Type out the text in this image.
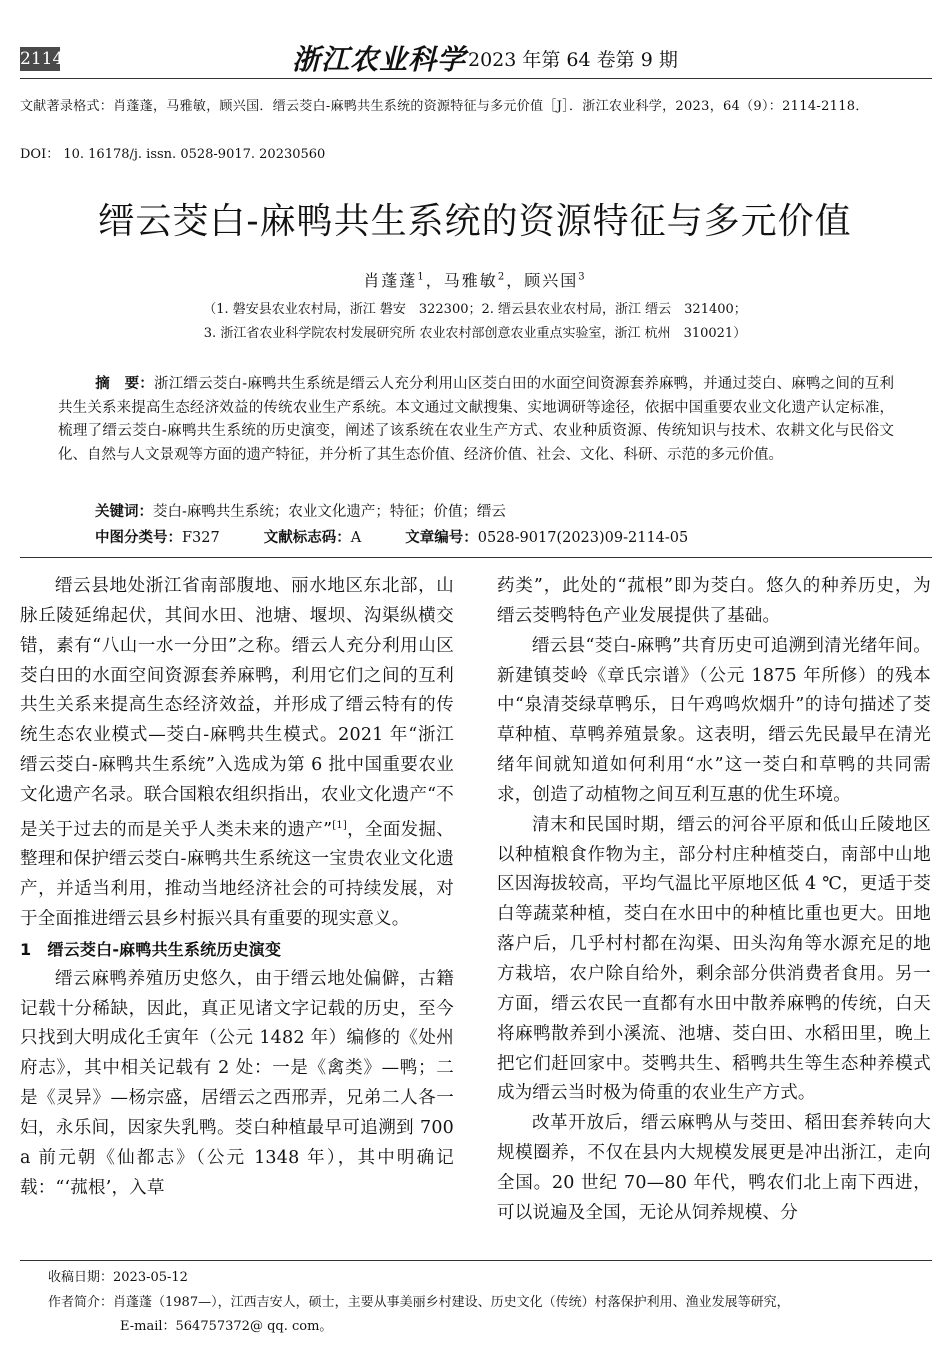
2114	浙江农业科学 2023 年第 64 卷第 9 期
文献著录格式：肖蓬蓬，马雅敏，顾兴国．缙云茭白-麻鸭共生系统的资源特征与多元价值［J］．浙江农业科学，2023，64（9）：2114-2118．
DOI： 10. 16178/j. issn. 0528-9017. 20230560
缙云茭白-麻鸭共生系统的资源特征与多元价值
肖蓬蓬$^1$，马雅敏$^2$，顾兴国$^3$
（1. 磐安县农业农村局，浙江 磐安　322300；2. 缙云县农业农村局，浙江 缙云　321400；
3. 浙江省农业科学院农村发展研究所 农业农村部创意农业重点实验室，浙江 杭州　310021）
摘　要：浙江缙云茭白-麻鸭共生系统是缙云人充分利用山区茭白田的水面空间资源套养麻鸭，并通过茭白、麻鸭之间的互利共生关系来提高生态经济效益的传统农业生产系统。本文通过文献搜集、实地调研等途径，依据中国重要农业文化遗产认定标准，梳理了缙云茭白-麻鸭共生系统的历史演变，阐述了该系统在农业生产方式、农业种质资源、传统知识与技术、农耕文化与民俗文化、自然与人文景观等方面的遗产特征，并分析了其生态价值、经济价值、社会、文化、科研、示范的多元价值。
关键词：茭白-麻鸭共生系统；农业文化遗产；特征；价值；缙云
中图分类号：F327	文献标志码：A	文章编号：0528-9017(2023)09-2114-05

缙云县地处浙江省南部腹地、丽水地区东北部，山脉丘陵延绵起伏，其间水田、池塘、堰坝、沟渠纵横交错，素有“八山一水一分田”之称。缙云人充分利用山区茭白田的水面空间资源套养麻鸭，利用它们之间的互利共生关系来提高生态经济效益，并形成了缙云特有的传统生态农业模式—茭白-麻鸭共生模式。2021 年“浙江缙云茭白-麻鸭共生系统”入选成为第 6 批中国重要农业文化遗产名录。联合国粮农组织指出，农业文化遗产“不是关于过去的而是关乎人类未来的遗产”[1]，全面发掘、整理和保护缙云茭白-麻鸭共生系统这一宝贵农业文化遗产，并适当利用，推动当地经济社会的可持续发展，对于全面推进缙云县乡村振兴具有重要的现实意义。

1　缙云茭白-麻鸭共生系统历史演变

缙云麻鸭养殖历史悠久，由于缙云地处偏僻，古籍记载十分稀缺，因此，真正见诸文字记载的历史，至今只找到大明成化壬寅年（公元 1482 年）编修的《处州府志》，其中相关记载有 2 处：一是《禽类》—鸭；二是《灵异》—杨宗盛，居缙云之西邢弄，兄弟二人各一妇，永乐间，因家失乳鸭。茭白种植最早可追溯到 700 a 前元朝《仙都志》（公元 1348 年），其中明确记载：“‘菰根’，入草

药类”，此处的“菰根”即为茭白。悠久的种养历史，为缙云茭鸭特色产业发展提供了基础。

缙云县“茭白-麻鸭”共育历史可追溯到清光绪年间。新建镇茭岭《章氏宗谱》（公元 1875 年所修）的残本中“泉清茭绿草鸭乐，日午鸡鸣炊烟升”的诗句描述了茭草种植、草鸭养殖景象。这表明，缙云先民最早在清光绪年间就知道如何利用“水”这一茭白和草鸭的共同需求，创造了动植物之间互利互惠的优生环境。

清末和民国时期，缙云的河谷平原和低山丘陵地区以种植粮食作物为主，部分村庄种植茭白，南部中山地区因海拔较高，平均气温比平原地区低 4 ℃，更适于茭白等蔬菜种植，茭白在水田中的种植比重也更大。田地落户后，几乎村村都在沟渠、田头沟角等水源充足的地方栽培，农户除自给外，剩余部分供消费者食用。另一方面，缙云农民一直都有水田中散养麻鸭的传统，白天将麻鸭散养到小溪流、池塘、茭白田、水稻田里，晚上把它们赶回家中。茭鸭共生、稻鸭共生等生态种养模式成为缙云当时极为倚重的农业生产方式。

改革开放后，缙云麻鸭从与茭田、稻田套养转向大规模圈养，不仅在县内大规模发展更是冲出浙江，走向全国。20 世纪 70—80 年代，鸭农们北上南下西进，可以说遍及全国，无论从饲养规模、分

收稿日期：2023-05-12
作者简介：肖蓬蓬（1987—），江西吉安人，硕士，主要从事美丽乡村建设、历史文化（传统）村落保护利用、渔业发展等研究，
E-mail：564757372@ qq. com。
